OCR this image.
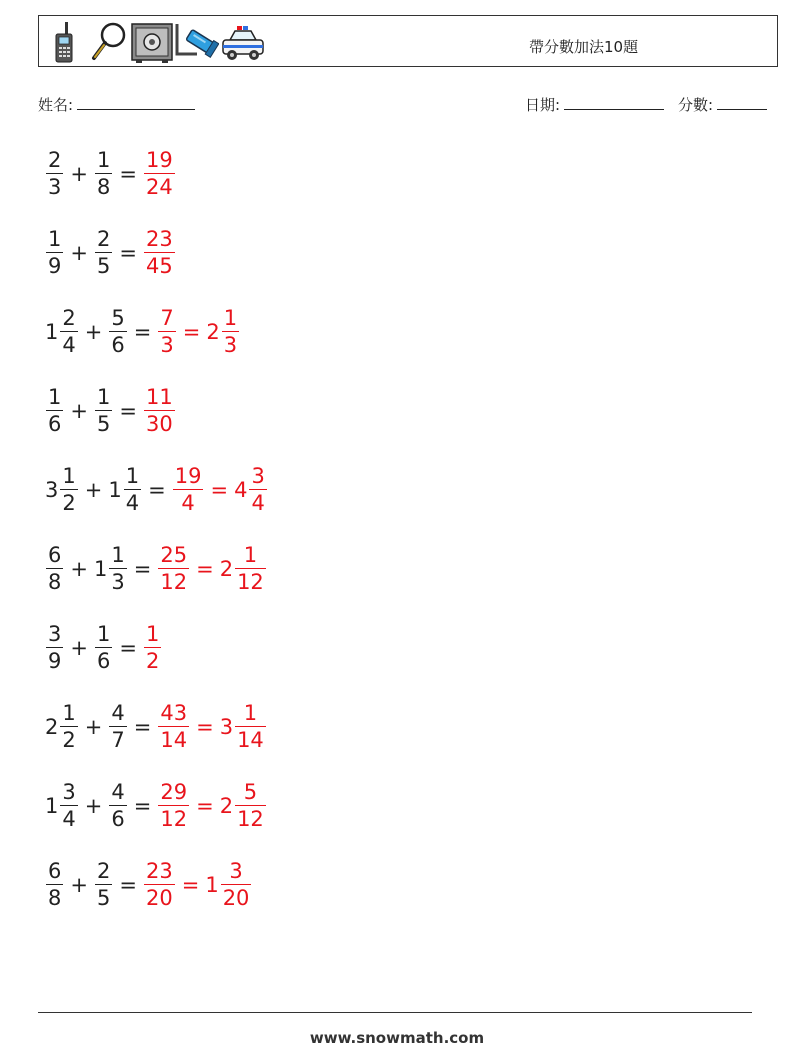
帶分數加法10題
姓名:	日期:	分數:
$\frac{2}{3} + \frac{1}{8} = \frac{19}{24}$
$\frac{1}{9} + \frac{2}{5} = \frac{23}{45}$
$1 \frac{2}{4} + \frac{5}{6} = \frac{7}{3} = 2 \frac{1}{3}$
$\frac{1}{6} + \frac{1}{5} = \frac{11}{30}$
$3 \frac{1}{2} + 1 \frac{1}{4} = \frac{19}{4} = 4 \frac{3}{4}$
$\frac{6}{8} + 1 \frac{1}{3} = \frac{25}{12} = 2 \frac{1}{12}$
$\frac{3}{9} + \frac{1}{6} = \frac{1}{2}$
$2 \frac{1}{2} + \frac{4}{7} = \frac{43}{14} = 3 \frac{1}{14}$
$1 \frac{3}{4} + \frac{4}{6} = \frac{29}{12} = 2 \frac{5}{12}$
$\frac{6}{8} + \frac{2}{5} = \frac{23}{20} = 1 \frac{3}{20}$
www.snowmath.com
